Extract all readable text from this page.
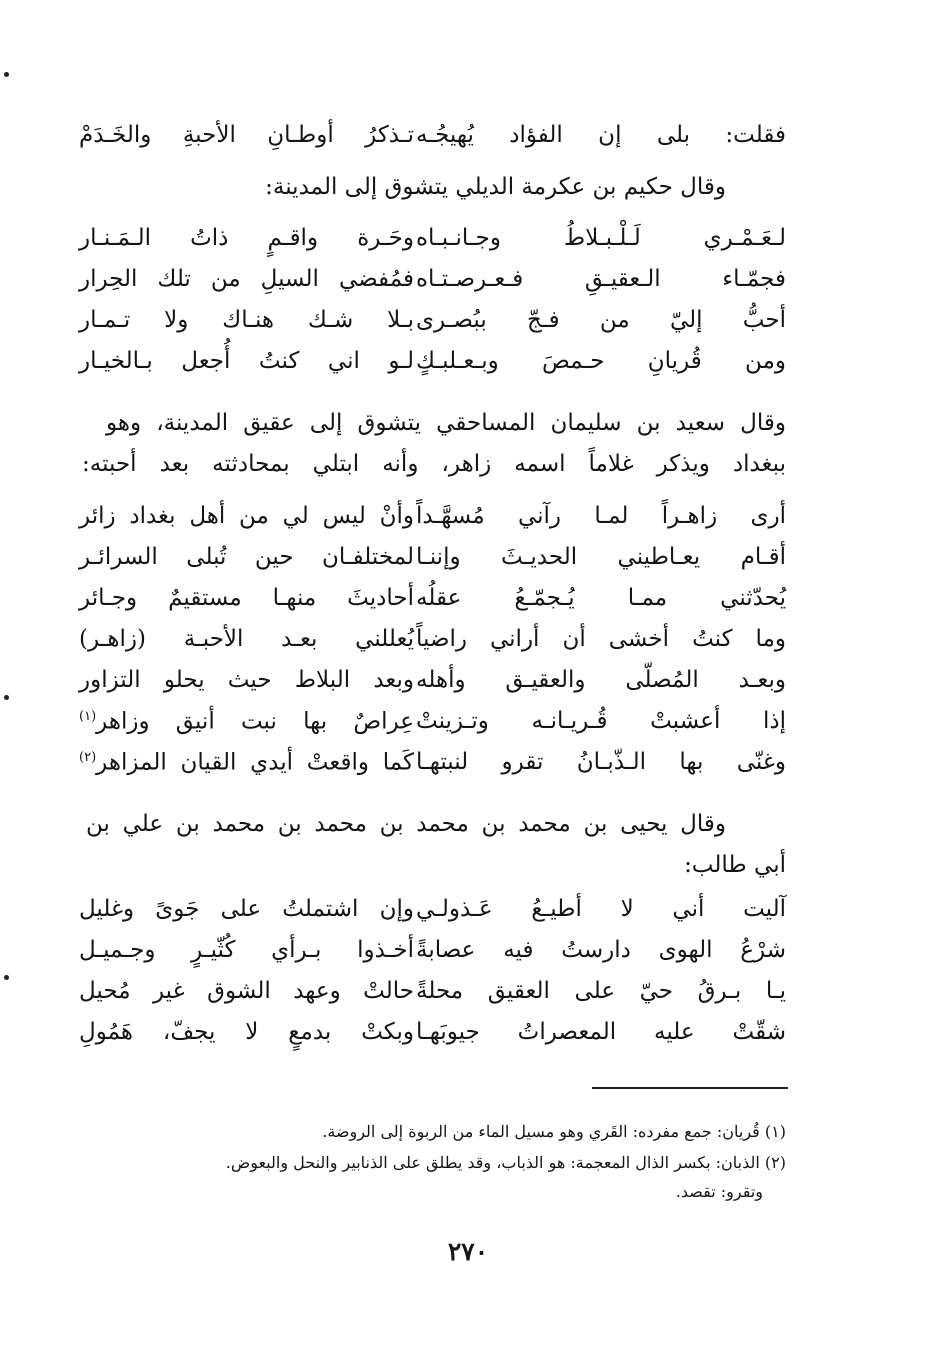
فقلت: بلى إن الفؤاد يُهيجُـه
تـذكرُ أوطـانِ الأحبةِ والخَـدَمْ
وقال حكيم بن عكرمة الديلي يتشوق إلى المدينة:
لـعَـمْـري لَـلْـبـلاطُ وجـانـبـاه
وحَـرة واقـمٍ ذاتُ الـمَـنـار
فجمّـاء الـعقيـقِ فـعـرصـتـاه
فمُفضي السيلِ من تلك الحِرار
أحبُّ إليّ من فـجّ ببُصـرى
بـلا شـك هنـاك ولا تـمـار
ومن قُريانِ حـمصَ وبـعـلبـكٍ
لـو اني كنتُ أُجعل بـالخيـار
وقال سعيد بن سليمان المساحقي يتشوق إلى عقيق المدينة، وهو
ببغداد ويذكر غلاماً اسمه زاهر، وأنه ابتلي بمحادثته بعد أحبته:
أرى زاهـراً لمـا رآني مُسهَّـداً
وأنْ ليس لي من أهل بغداد زائر
أقـام يعـاطيني الحديـثَ وإننـا
لمختلفـان حين تُبلى السرائـر
يُحدّثني ممـا يُـجمّـعُ عقلُه
أحاديثَ منهـا مستقيمٌ وجـائر
وما كنتُ أخشى أن أراني راضياً
يُعللني بعـد الأحبـة (زاهـر)
وبعـد المُصلّى والعقيـق وأهله
وبعد البلاط حيث يحلو التزاور
إذا أعشبتْ قُـريـانـه وتـزينتْ
عِراصٌ بها نبت أنيق وزاهر$^{(١)}$
وغنّى بها الـذّبـانُ تقرو لنبتهـا
كَما واقعتْ أيدي القيان المزاهر$^{(٢)}$
وقال يحيى بن محمد بن محمد بن محمد بن محمد بن علي بن
أبي طالب:
آليت أني لا أطيـعُ عَـذولـي
وإن اشتملتُ على جَوىً وغليل
شرْعُ الهوى دارستُ فيه عصابةً
أخـذوا بـرأي كُثّيـرٍ وجـميـل
يـا بـرقُ حيّ على العقيق محلةً
حالتْ وعهد الشوق غير مُحيل
شقّتْ عليه المعصراتُ جيوبَهـا
وبكتْ بدمعٍ لا يجفّ، هَمُولِ
(١) قُريان: جمع مفرده: القَري وهو مسيل الماء من الربوة إلى الروضة.
(٢) الذبان: بكسر الذال المعجمة: هو الذباب، وقد يطلق على الذنابير والنحل والبعوض.
وتقرو: تقصد.
٢٧٠
